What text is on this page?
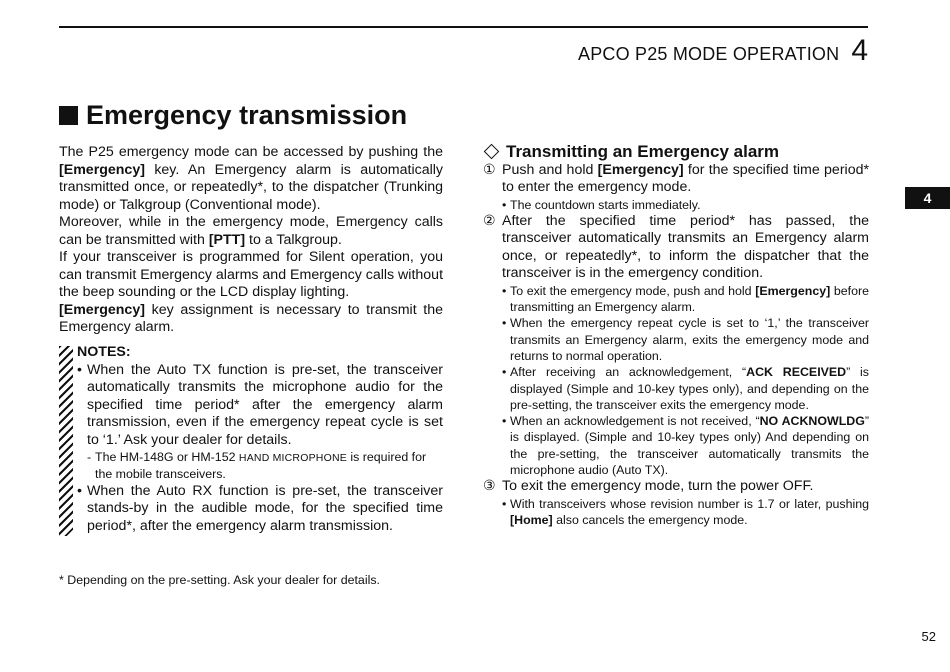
APCO P25 MODE OPERATION 4
4
Emergency transmission

The P25 emergency mode can be accessed by pushing the [Emergency] key. An Emergency alarm is automatically transmitted once, or repeatedly*, to the dispatcher (Trunking mode) or Talkgroup (Conventional mode).

Moreover, while in the emergency mode, Emergency calls can be transmitted with [PTT] to a Talkgroup.

If your transceiver is programmed for Silent operation, you can transmit Emergency alarms and Emergency calls without the beep sounding or the LCD display lighting.

[Emergency] key assignment is necessary to transmit the Emergency alarm.

NOTES:
• When the Auto TX function is pre-set, the transceiver automatically transmits the microphone audio for the specified time period* after the emergency alarm transmission, even if the emergency repeat cycle is set to ‘1.’ Ask your dealer for details.
- The HM-148G or HM-152 HAND MICROPHONE is required for the mobile transceivers.
• When the Auto RX function is pre-set, the transceiver stands-by in the audible mode, for the specified time period*, after the emergency alarm transmission.
Transmitting an Emergency alarm
① Push and hold [Emergency] for the specified time period* to enter the emergency mode.
• The countdown starts immediately.
② After the specified time period* has passed, the transceiver automatically transmits an Emergency alarm once, or repeatedly*, to inform the dispatcher that the transceiver is in the emergency condition.
• To exit the emergency mode, push and hold [Emergency] before transmitting an Emergency alarm.
• When the emergency repeat cycle is set to ‘1,’ the transceiver transmits an Emergency alarm, exits the emergency mode and returns to normal operation.
• After receiving an acknowledgement, “ACK RECEIVED” is displayed (Simple and 10-key types only), and depending on the pre-setting, the transceiver exits the emergency mode.
• When an acknowledgement is not received, “NO ACKNOWLDG” is displayed. (Simple and 10-key types only) And depending on the pre-setting, the transceiver automatically transmits the microphone audio (Auto TX).
③ To exit the emergency mode, turn the power OFF.
• With transceivers whose revision number is 1.7 or later, pushing [Home] also cancels the emergency mode.
* Depending on the pre-setting. Ask your dealer for details.
52
